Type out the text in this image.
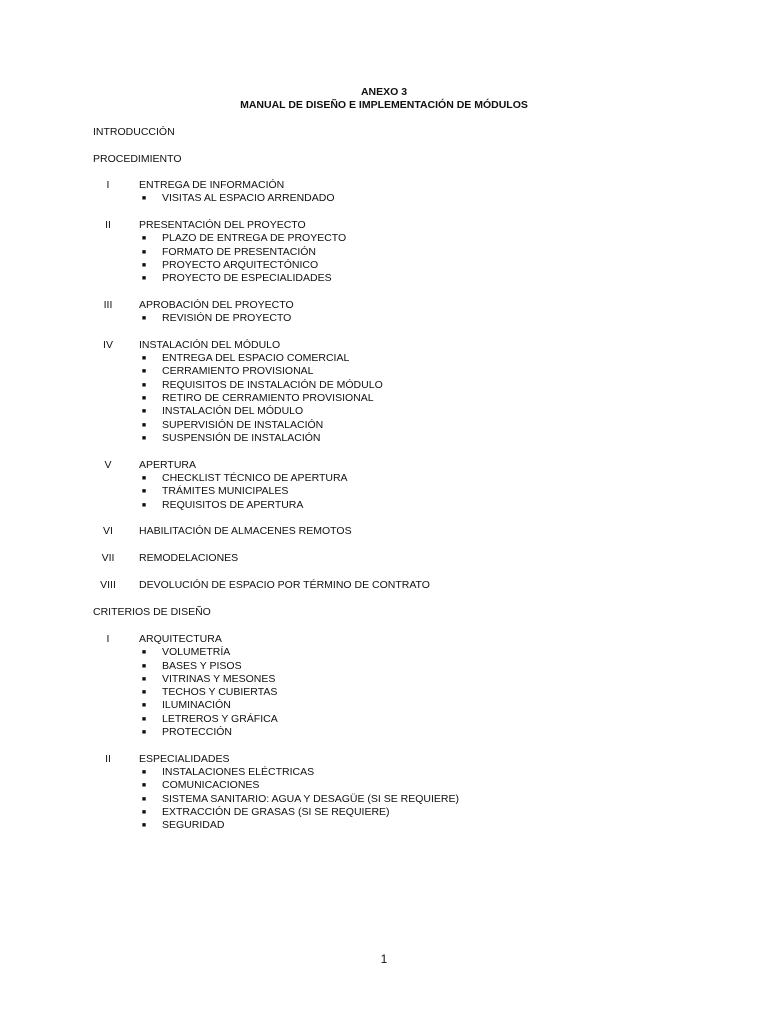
ANEXO 3
MANUAL DE DISEÑO E IMPLEMENTACIÓN DE MÓDULOS
INTRODUCCIÓN
PROCEDIMIENTO
I	ENTREGA DE INFORMACIÓN
■ VISITAS AL ESPACIO ARRENDADO
II	PRESENTACIÓN DEL PROYECTO
■ PLAZO DE ENTREGA DE PROYECTO
■ FORMATO DE PRESENTACIÓN
■ PROYECTO ARQUITECTÓNICO
■ PROYECTO DE ESPECIALIDADES
III	APROBACIÓN DEL PROYECTO
■ REVISIÓN DE PROYECTO
IV	INSTALACIÓN DEL MÓDULO
■ ENTREGA DEL ESPACIO COMERCIAL
■ CERRAMIENTO PROVISIONAL
■ REQUISITOS DE INSTALACIÓN DE MÓDULO
■ RETIRO DE CERRAMIENTO PROVISIONAL
■ INSTALACIÓN DEL MÓDULO
■ SUPERVISIÓN DE INSTALACIÓN
■ SUSPENSIÓN DE INSTALACIÓN
V	APERTURA
■ CHECKLIST TÉCNICO DE APERTURA
■ TRÁMITES MUNICIPALES
■ REQUISITOS DE APERTURA
VI	HABILITACIÓN DE ALMACENES REMOTOS
VII	REMODELACIONES
VIII	DEVOLUCIÓN DE ESPACIO POR TÉRMINO DE CONTRATO
CRITERIOS DE DISEÑO
I	ARQUITECTURA
■ VOLUMETRÍA
■ BASES Y PISOS
■ VITRINAS Y MESONES
■ TECHOS Y CUBIERTAS
■ ILUMINACIÓN
■ LETREROS Y GRÁFICA
■ PROTECCIÓN
II	ESPECIALIDADES
■ INSTALACIONES ELÉCTRICAS
■ COMUNICACIONES
■ SISTEMA SANITARIO: AGUA Y DESAGÜE (SI SE REQUIERE)
■ EXTRACCIÓN DE GRASAS (SI SE REQUIERE)
■ SEGURIDAD
1
